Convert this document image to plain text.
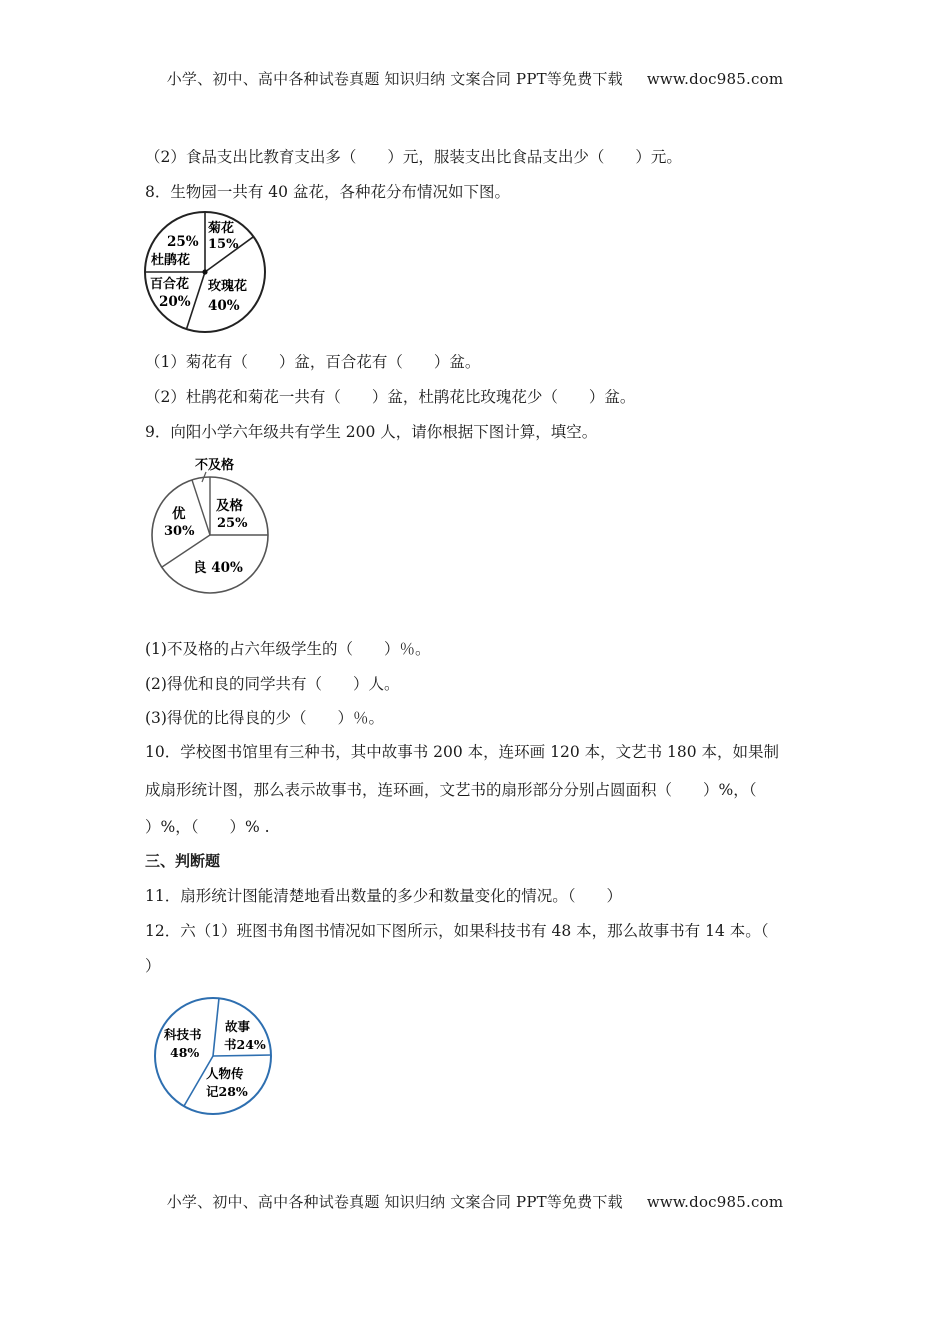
小学、初中、高中各种试卷真题 知识归纳 文案合同 PPT等免费下载 www.doc985.com
（2）食品支出比教育支出多（　　）元，服装支出比食品支出少（　　）元。
8．生物园一共有 40 盆花，各种花分布情况如下图。
菊花
15%
25%
杜鹃花
百合花
20%
玫瑰花
40%
（1）菊花有（　　）盆，百合花有（　　）盆。
（2）杜鹃花和菊花一共有（　　）盆，杜鹃花比玫瑰花少（　　）盆。
9．向阳小学六年级共有学生 200 人，请你根据下图计算，填空。
不及格
及格
25%
优
30%
良 40%
(1)不及格的占六年级学生的（　　）％。
(2)得优和良的同学共有（　　）人。
(3)得优的比得良的少（　　）％。
10．学校图书馆里有三种书，其中故事书 200 本，连环画 120 本，文艺书 180 本，如果制
成扇形统计图，那么表示故事书，连环画，文艺书的扇形部分分别占圆面积（　　）%，（
）%，（　　）% .
三、判断题
11．扇形统计图能清楚地看出数量的多少和数量变化的情况。（　　）
12．六（1）班图书角图书情况如下图所示，如果科技书有 48 本，那么故事书有 14 本。（
）
科技书
48%
故事
书24%
人物传
记28%
小学、初中、高中各种试卷真题 知识归纳 文案合同 PPT等免费下载 www.doc985.com
